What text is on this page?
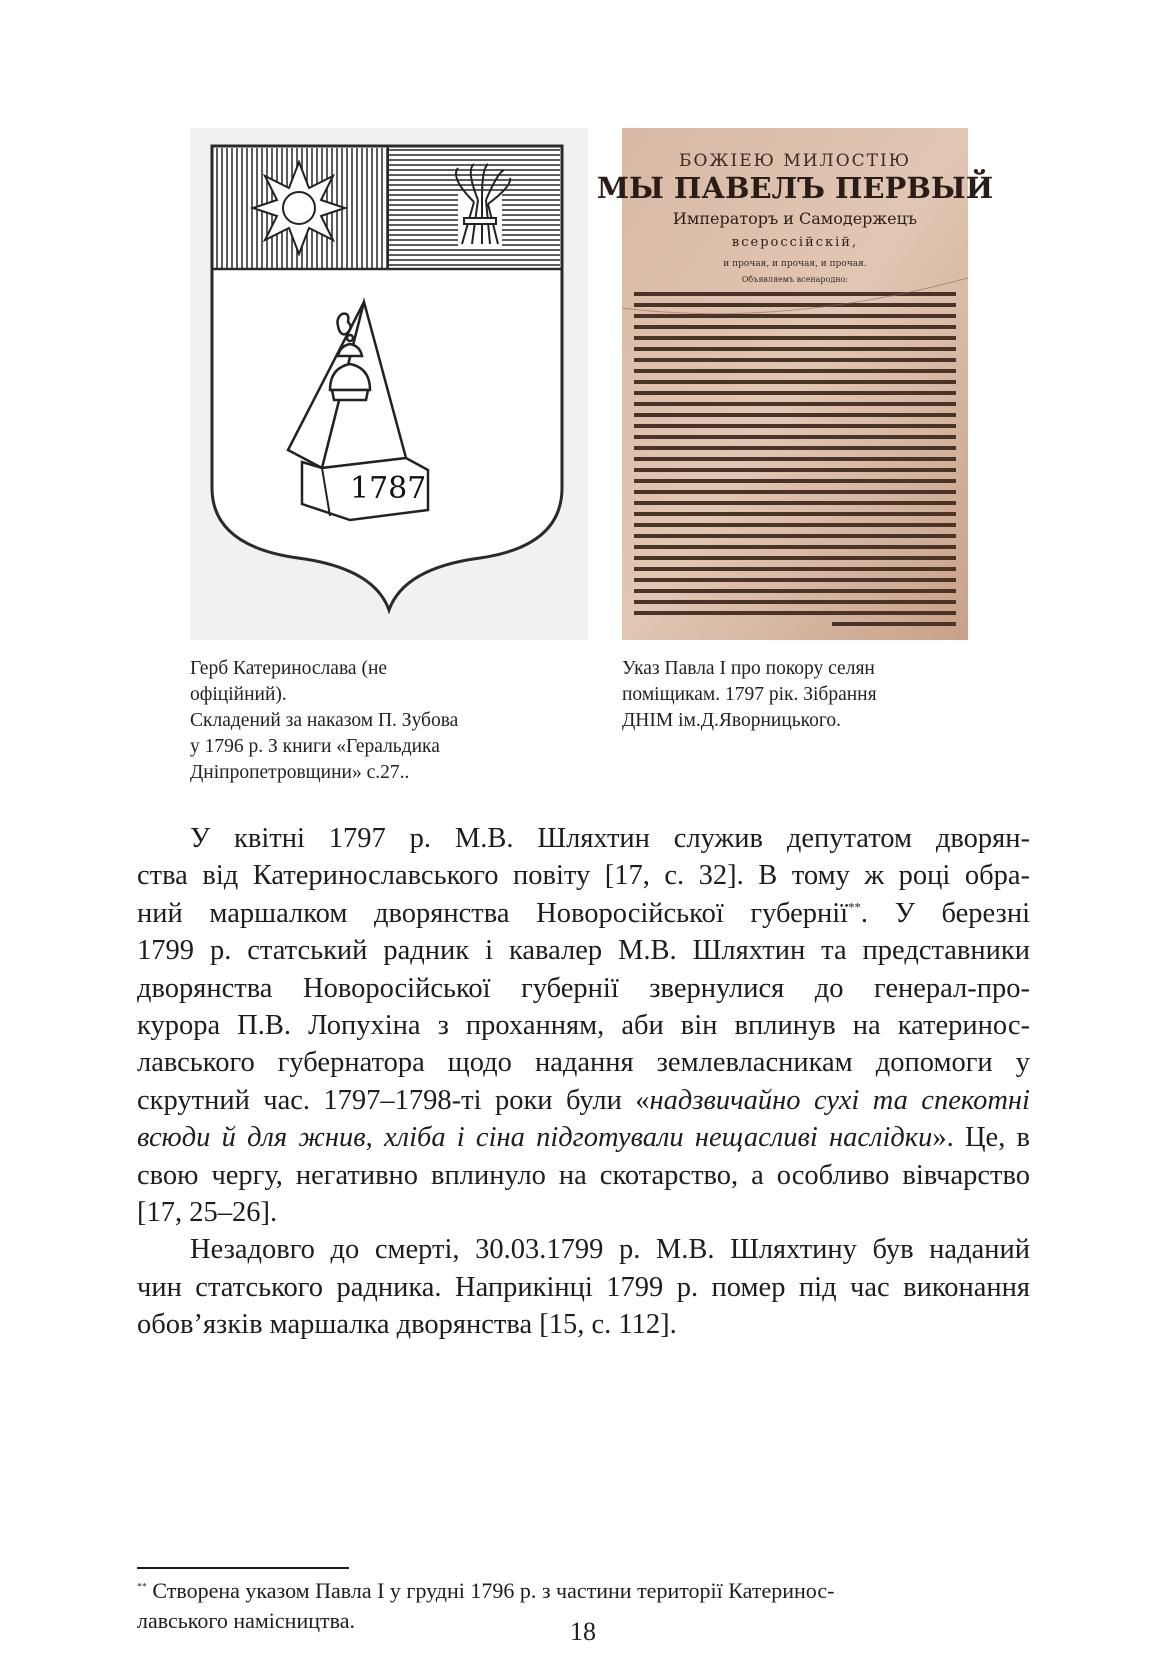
1787
БОЖІЕЮ МИЛОСТІЮ
МЫ ПАВЕЛЪ ПЕРВЫЙ
Императоръ и Самодержецъ
всероссійскій,
и прочая, и прочая, и прочая.
Объявляемъ всенародно:
Герб Катеринослава (не
офіційний).
Складений за наказом П. Зубова
у 1796 р. З книги «Геральдика
Дніпропетровщини» с.27..
Указ Павла І про покору селян
поміщикам. 1797 рік. Зібрання
ДНІМ ім.Д.Яворницького.
У квітні 1797 р. М.В. Шляхтин служив депутатом дворян-
ства від Катеринославського повіту [17, с. 32]. В тому ж році обра-
ний маршалком дворянства Новоросійської губернії**. У березні
1799 р. статський радник і кавалер М.В. Шляхтин та представники
дворянства Новоросійської губернії звернулися до генерал-про-
курора П.В. Лопухіна з проханням, аби він вплинув на катеринос-
лавського губернатора щодо надання землевласникам допомоги у
скрутний час. 1797–1798-ті роки були «надзвичайно сухі та спекотні
всюди й для жнив, хліба і сіна підготували нещасливі наслідки». Це, в
свою чергу, негативно вплинуло на скотарство, а особливо вівчарство
[17, 25–26].
Незадовго до смерті, 30.03.1799 р. М.В. Шляхтину був наданий
чин статського радника. Наприкінці 1799 р. помер під час виконання
обов’язків маршалка дворянства [15, с. 112].
** Створена указом Павла І у грудні 1796 р. з частини території Катеринос-
лавського намісництва.	18
